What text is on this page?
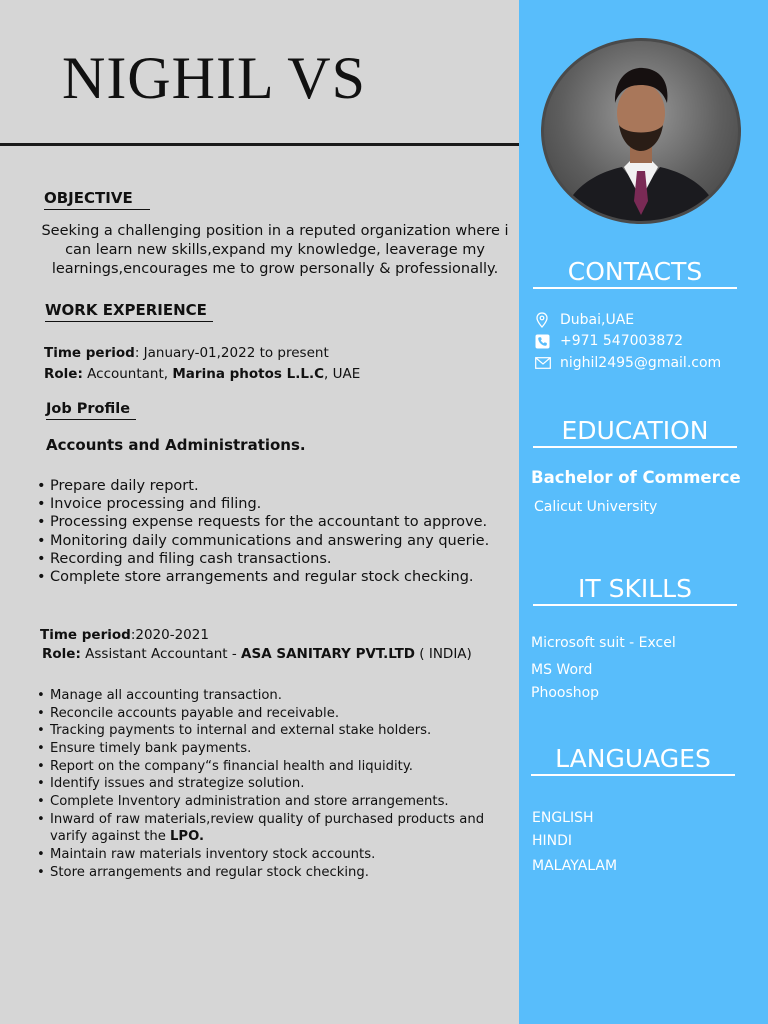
NIGHIL VS
OBJECTIVE
Seeking a challenging position in a reputed organization where i can learn new skills,expand my knowledge, leaverage my learnings,encourages me to grow personally & professionally.
WORK EXPERIENCE
Time period: January-01,2022 to present
Role: Accountant, Marina photos L.L.C, UAE
Job Profile
Accounts and Administrations.
• Prepare daily report.
• Invoice processing and filing.
• Processing expense requests for the accountant to approve.
• Monitoring daily communications and answering any querie.
• Recording and filing cash transactions.
• Complete store arrangements and regular stock checking.
Time period:2020-2021
Role: Assistant Accountant - ASA SANITARY PVT.LTD ( INDIA)
• Manage all accounting transaction.
• Reconcile accounts payable and receivable.
• Tracking payments to internal and external stake holders.
• Ensure timely bank payments.
• Report on the company“s financial health and liquidity.
• Identify issues and strategize solution.
• Complete Inventory administration and store arrangements.
• Inward of raw materials,review quality of purchased products and varify against the LPO.
• Maintain raw materials inventory stock accounts.
• Store arrangements and regular stock checking.
CONTACTS
Dubai,UAE
+971 547003872
nighil2495@gmail.com
EDUCATION
Bachelor of Commerce
Calicut University
IT SKILLS
Microsoft suit - Excel
MS Word
Phooshop
LANGUAGES
ENGLISH
HINDI
MALAYALAM
